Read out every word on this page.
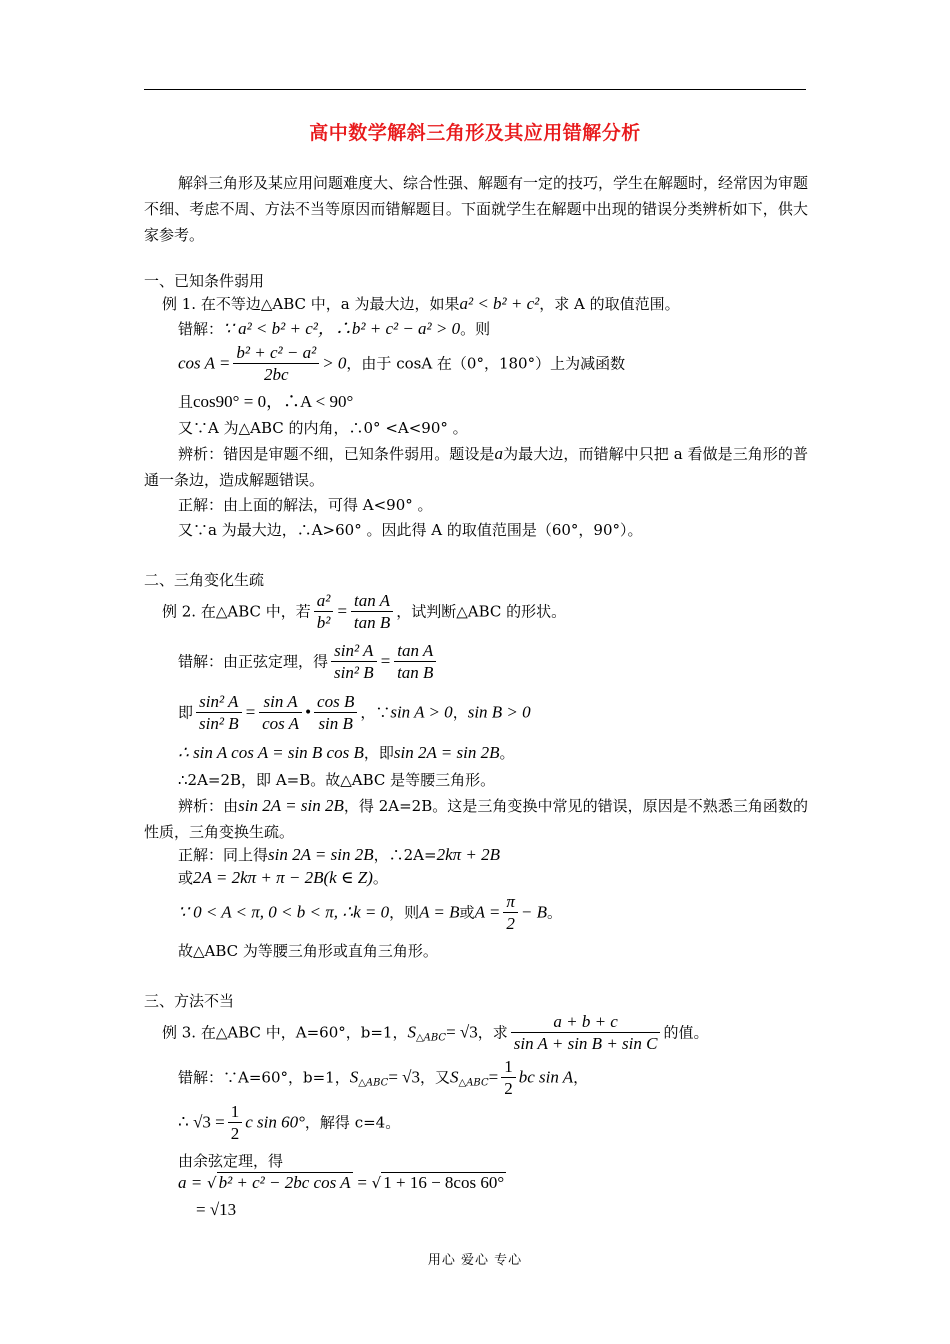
高中数学解斜三角形及其应用错解分析
解斜三角形及某应用问题难度大、综合性强、解题有一定的技巧，学生在解题时，经常因为审题不细、考虑不周、方法不当等原因而错解题目。下面就学生在解题中出现的错误分类辨析如下，供大家参考。
一、已知条件弱用
例 1. 在不等边△ABC 中，a 为最大边，如果a² < b² + c²，求 A 的取值范围。
错解：∵ a² < b² + c²，∴b² + c² − a² > 0。则
$\cos A = \frac{\text{b² + c² − a²}}{2bc} > 0$，由于 cosA 在（0°，180°）上为减函数
且cos90° = 0，∴A < 90°
又∵A 为△ABC 的内角，∴0° <A<90° 。
辨析：错因是审题不细，已知条件弱用。题设是a为最大边，而错解中只把 a 看做是三角形的普通一条边，造成解题错误。
正解：由上面的解法，可得 A<90° 。
又∵a 为最大边，∴A>60° 。因此得 A 的取值范围是（60°，90°）。
二、三角变化生疏
例 2. 在△ABC 中，若 $\frac{\text{a²}}{\text{b²}} = \frac{\text{tan A}}{\text{tan B}}$ ，试判断△ABC 的形状。
错解：由正弦定理，得 $\frac{\text{sin² A}}{\text{sin² B}} = \frac{\text{tan A}}{\text{tan B}}$
即 $\frac{\text{sin² A}}{\text{sin² B}} = \frac{\text{sin A}}{\text{cos A}}$ • $\frac{\text{cos B}}{\text{sin B}}$ ，∵sin A > 0，sin B > 0
∴ sin A cos A = sin B cos B，即sin 2A = sin 2B。
∴2A=2B，即 A=B。故△ABC 是等腰三角形。
辨析：由sin 2A = sin 2B，得 2A=2B。这是三角变换中常见的错误，原因是不熟悉三角函数的性质，三角变换生疏。
正解：同上得sin 2A = sin 2B，∴2A=2kπ + 2B
或2A = 2kπ + π − 2B(k ∈ Z)。
∵ 0 < A < π, 0 < b < π, ∴k = 0，则A = B或$A = \frac{\pi}{2} - B$。
故△ABC 为等腰三角形或直角三角形。
三、方法不当
例 3. 在△ABC 中，A=60°，b=1，$S_{\triangle ABC}= √3$，求 $\frac{a + b + c}{\text{sin A + sin B + sin C}}$ 的值。
错解：∵A=60°，b=1，$S_{\triangle ABC}= √3$，又$S_{\triangle ABC}= \frac{1}{2}$ bc sin A，
∴ $√3 = \frac{1}{2}$ c sin 60°，解得 c=4。
由余弦定理，得
a = √ b² + c² − 2bc cos A = √ 1 + 16 − 8cos 60°
= √13
用心 爱心 专心
